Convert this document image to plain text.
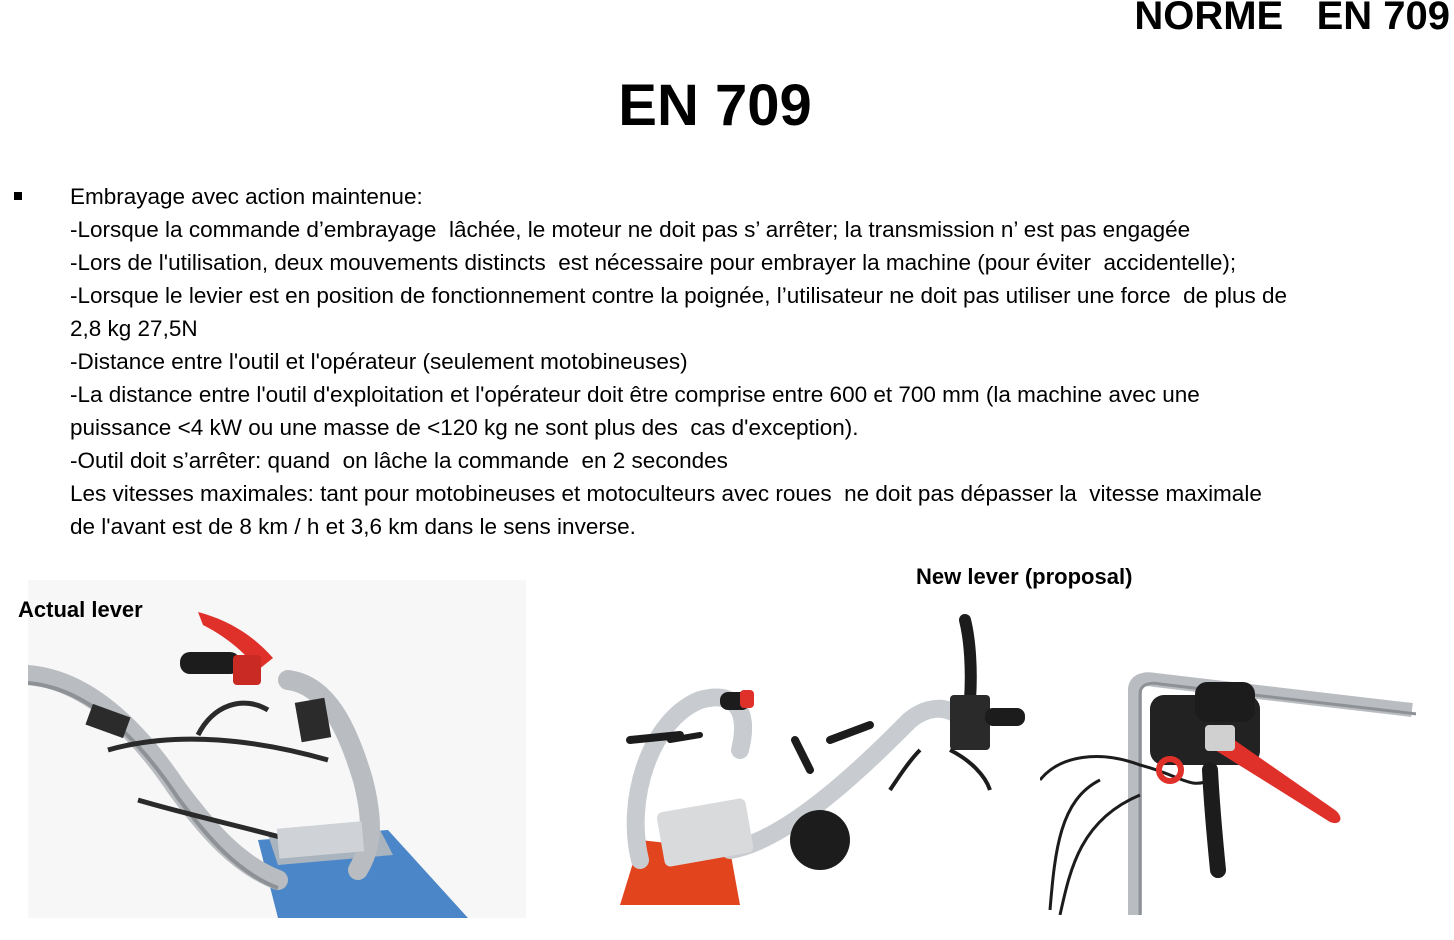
NORME   EN 709
EN 709
Embrayage avec action maintenue:
-Lorsque la commande d’embrayage  lâchée, le moteur ne doit pas s’ arrêter; la transmission n’ est pas engagée
-Lors de l'utilisation, deux mouvements distincts  est nécessaire pour embrayer la machine (pour éviter  accidentelle);
-Lorsque le levier est en position de fonctionnement contre la poignée, l’utilisateur ne doit pas utiliser une force  de plus de
2,8 kg 27,5N
-Distance entre l'outil et l'opérateur (seulement motobineuses)
-La distance entre l'outil d'exploitation et l'opérateur doit être comprise entre 600 et 700 mm (la machine avec une
puissance <4 kW ou une masse de <120 kg ne sont plus des  cas d'exception).
-Outil doit s’arrêter: quand  on lâche la commande  en 2 secondes
Les vitesses maximales: tant pour motobineuses et motoculteurs avec roues  ne doit pas dépasser la  vitesse maximale
de l'avant est de 8 km / h et 3,6 km dans le sens inverse.
Actual lever
New lever (proposal)
